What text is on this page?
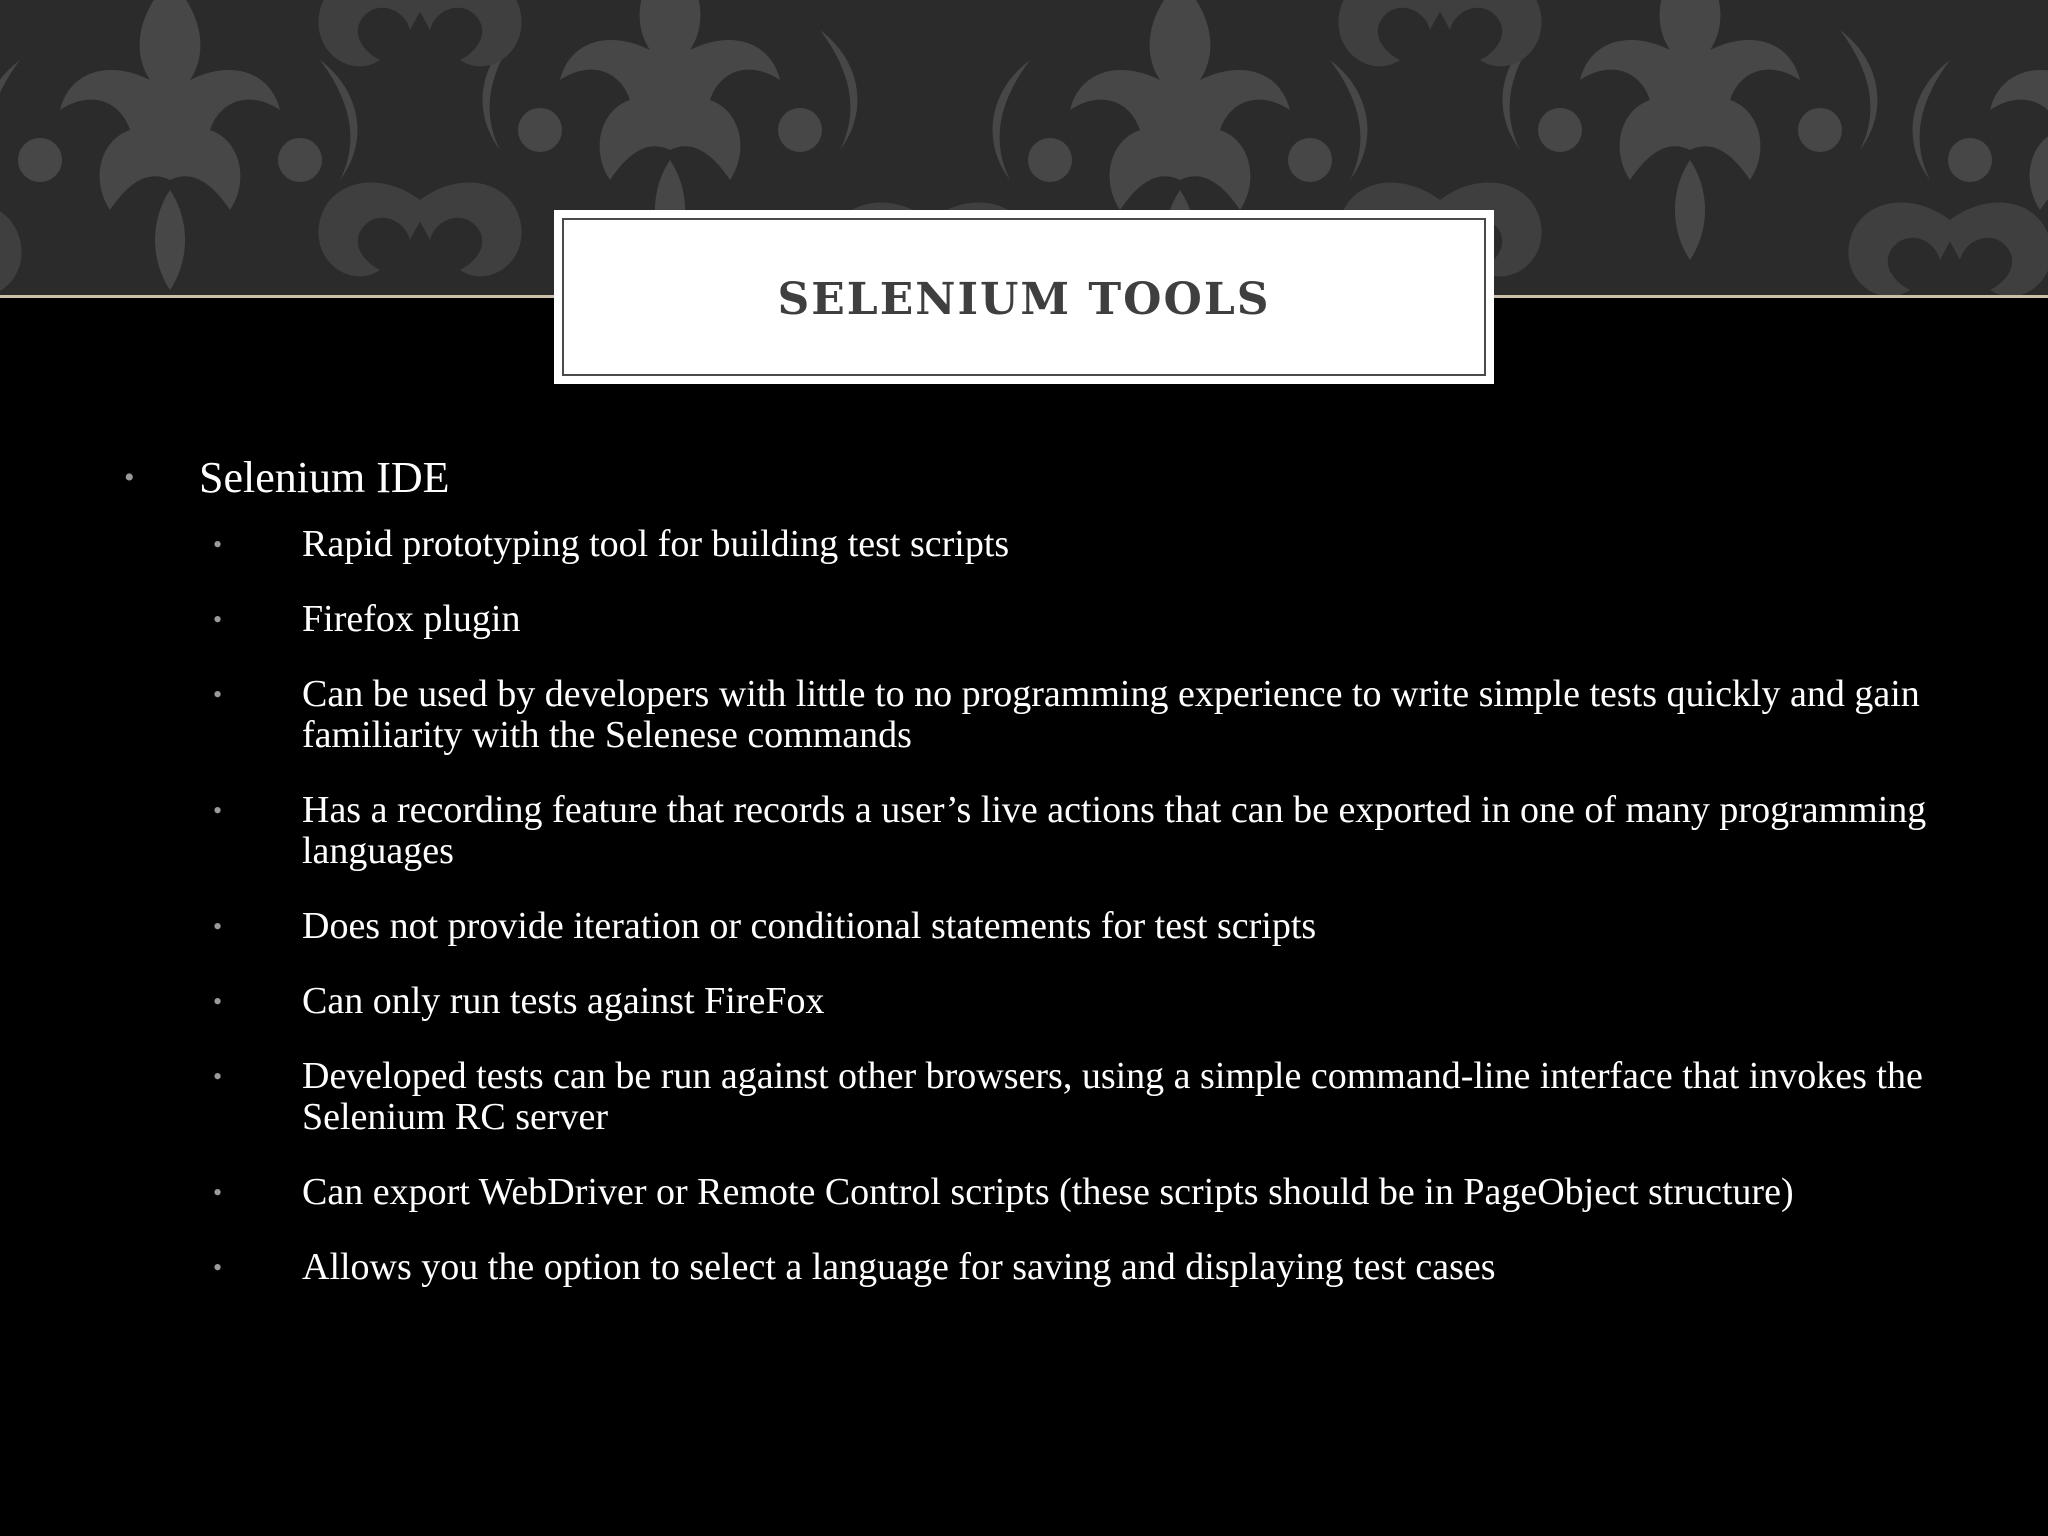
SELENIUM TOOLS
• Selenium IDE
• Rapid prototyping tool for building test scripts
• Firefox plugin
• Can be used by developers with little to no programming experience to write simple tests quickly and gain familiarity with the Selenese commands
• Has a recording feature that records a user’s live actions that can be exported in one of many programming languages
• Does not provide iteration or conditional statements for test scripts
• Can only run tests against FireFox
• Developed tests can be run against other browsers, using a simple command-line interface that invokes the Selenium RC server
• Can export WebDriver or Remote Control scripts (these scripts should be in PageObject structure)
• Allows you the option to select a language for saving and displaying test cases
